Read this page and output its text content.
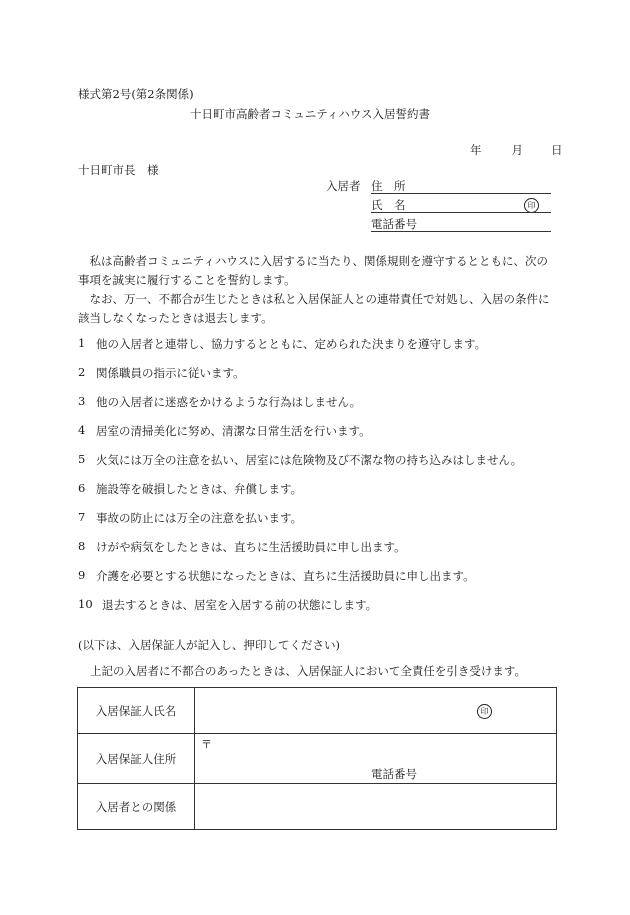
様式第2号(第2条関係)
十日町市高齢者コミュニティハウス入居誓約書
年	月 日
十日町市長　様
入居者 住　所
氏　名	印
電話番号

私は高齢者コミュニティハウスに入居するに当たり、関係規則を遵守するとともに、次の事項を誠実に履行することを誓約します。

なお、万一、不都合が生じたときは私と入居保証人との連帯責任で対処し、入居の条件に該当しなくなったときは退去します。

1 他の入居者と連帯し、協力するとともに、定められた決まりを遵守します。
2 関係職員の指示に従います。
3 他の入居者に迷惑をかけるような行為はしません。
4 居室の清掃美化に努め、清潔な日常生活を行います。
5 火気には万全の注意を払い、居室には危険物及び不潔な物の持ち込みはしません。
6 施設等を破損したときは、弁償します。
7 事故の防止には万全の注意を払います。
8 けがや病気をしたときは、直ちに生活援助員に申し出ます。
9 介護を必要とする状態になったときは、直ちに生活援助員に申し出ます。
10 退去するときは、居室を入居する前の状態にします。
(以下は、入居保証人が記入し、押印してください)
上記の入居者に不都合のあったときは、入居保証人において全責任を引き受けます。
入居保証人氏名	印

入居保証人住所	〒
電話番号

入居者との関係	
